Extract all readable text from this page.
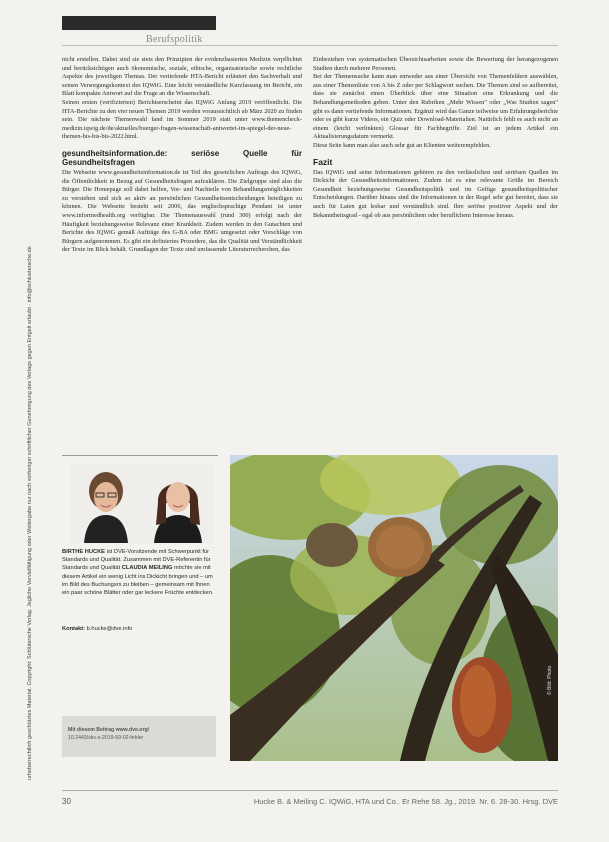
Berufspolitik
urheberrechtlich geschütztes Material. Copyright: Schlütersche Verlag. Jegliche Vervielfältigung oder Weitergabe nur nach vorheriger schriftlicher Genehmigung des Verlags gegen Entgelt erlaubt · info@schluetersche.de

nicht erstellen. Dabei sind sie stets den Prinzipien der evidenzbasierten Medizin verpflichtet und berücksichtigen auch ökonomische, soziale, ethische, organisatorische sowie rechtliche Aspekte des jeweiligen Themas. Der vertiefende HTA-Bericht erläutert den Sachverhalt und seinen Versorgungskontext des IQWiG. Eine leicht verständliche Kurzfassung im Bericht, ein Blatt kompakte Antwort auf die Frage an die Wissenschaft.

Seinen ersten (verifizierten) Berichtserscheint das IQWiG Anfang 2019 veröffentlicht. Die HTA-Berichte zu den vier neuen Themen 2019 werden voraussichtlich ab März 2020 zu finden sein. Die nächste Themenwahl fand im Sommer 2019 statt unter www.themencheck-medizin.iqwig.de/de/aktuelles/buerger-fragen-wissenschaft-antwortet-im-spiegel-der-neue-themen-bis-bis-bis-2022.html.

gesundheitsinformation.de: seriöse Quelle für Gesundheitsfragen

Die Webseite www.gesundheitsinformation.de ist Teil des gesetzlichen Auftrags des IQWiG, die Öffentlichkeit in Bezug auf Gesundheitsfragen aufzuklären. Die Zielgruppe sind also die Bürger. Die Homepage soll dabei helfen, Vor- und Nachteile von Behandlungsmöglichkeiten zu verstehen und sich so aktiv an persönlichen Gesundheitsentscheidungen beteiligen zu können. Die Webseite besteht seit 2006, das englischsprachige Pendant ist unter www.informedhealth.org verfügbar. Die Themenauswahl (rund 300) erfolgt nach der Häufigkeit beziehungsweise Relevanz einer Krankheit. Zudem werden in den Gutachten und Berichte des IQWiG gemäß Aufträge des G-BA oder BMG umgesetzt oder Vorschläge von Bürgern aufgenommen. Es gibt ein definiertes Prozedere, das die Qualität und Verständlichkeit der Texte im Blick behält. Grundlagen der Texte sind umfassende Literaturrecherchen, das

Einbeziehen von systematischen Übersichtsarbeiten sowie die Bewertung der herangezogenen Studien durch mehrere Personen.

Bei der Themensuche kann man entweder aus einer Übersicht von Themenfeldern auswählen, aus einer Themenliste von A bis Z oder per Schlagwort suchen. Die Themen sind so aufbereitet, dass sie zunächst einen Überblick über eine Situation eine Erkrankung und die Behandlungsmethoden geben. Unter den Rubriken „Mehr Wissen" oder „Was Studien sagen" gibt es dann vertiefende Informationen. Ergänzt wird das Ganze teilweise um Erfahrungsberichte oder es gibt kurze Videos, ein Quiz oder Download-Materialien. Natürlich fehlt es auch nicht an einem (leicht verlinkten) Glossar für Fachbegriffe. Ziel ist an jedem Artikel ein Aktualisierungsdatum vermerkt.

Diese Seite kann man also auch sehr gut an Klienten weiterempfehlen.

Fazit

Das IQWiG und seine Informationen gehören zu den verlässlichen und seriösen Quellen im Dickicht der Gesundheitsinformationen. Zudem ist es eine relevante Größe im Bereich Gesundheit beziehungsweise Gesundheitspolitik und im Gefüge gesundheitspolitischer Entscheidungen. Darüber hinaus sind die Informationen in der Regel sehr gut bereitet, dass sie auch für Laien gut lesbar und verständlich sind. Ihre seriöse positiver Aspekt und der Bekanntheitsgrad - egal ob aus persönlichem oder beruflichem Interesse heraus.

BIRTHE HUCKE ist DVE-Vorsitzende mit Schwerpunkt für Standards und Qualität. Zusammen mit DVE-Referentin für Standards und Qualität CLAUDIA MEILING möchte sie mit diesem Artikel ein wenig Licht ins Dickicht bringen und – um im Bild des Buchungsrs zu bleiben – gemeinsam mit Ihnen ein paar schöne Blätter oder gar leckere Früchte entdecken.
Kontakt: b.hucke@dve.info
Mit diesem Beitrag www.dve.org/
10.2443/skv-s-2019-59-02-fehler
© Bild: Photo
30	Hucke B. & Meiling C. IQWiG, HTA und Co.. Er Rehe 58. Jg., 2019. Nr. 6. 28-30. Hrsg. DVE
